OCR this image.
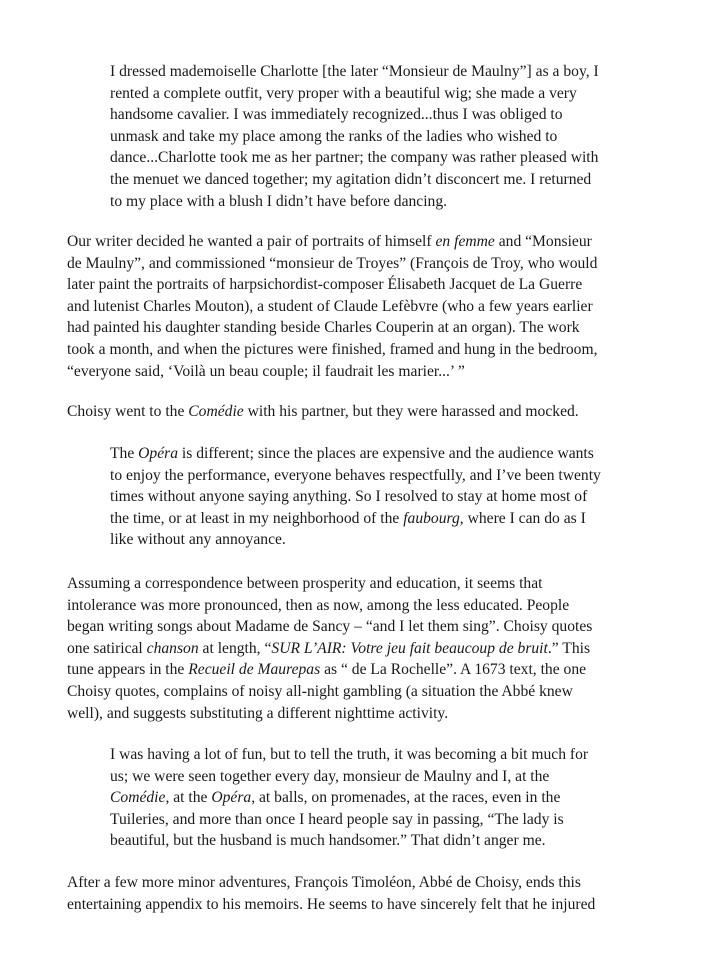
I dressed mademoiselle Charlotte [the later “Monsieur de Maulny”] as a boy, I
rented a complete outfit, very proper with a beautiful wig; she made a very
handsome cavalier. I was immediately recognized...thus I was obliged to
unmask and take my place among the ranks of the ladies who wished to
dance...Charlotte took me as her partner; the company was rather pleased with
the menuet we danced together; my agitation didn’t disconcert me. I returned
to my place with a blush I didn’t have before dancing.
Our writer decided he wanted a pair of portraits of himself en femme and “Monsieur
de Maulny”, and commissioned “monsieur de Troyes” (François de Troy, who would
later paint the portraits of harpsichordist-composer Élisabeth Jacquet de La Guerre
and lutenist Charles Mouton), a student of Claude Lefèbvre (who a few years earlier
had painted his daughter standing beside Charles Couperin at an organ). The work
took a month, and when the pictures were finished, framed and hung in the bedroom,
“everyone said, ‘Voilà un beau couple; il faudrait les marier...’ ”
Choisy went to the Comédie with his partner, but they were harassed and mocked.
The Opéra is different; since the places are expensive and the audience wants
to enjoy the performance, everyone behaves respectfully, and I’ve been twenty
times without anyone saying anything. So I resolved to stay at home most of
the time, or at least in my neighborhood of the faubourg, where I can do as I
like without any annoyance.
Assuming a correspondence between prosperity and education, it seems that
intolerance was more pronounced, then as now, among the less educated. People
began writing songs about Madame de Sancy – “and I let them sing”. Choisy quotes
one satirical chanson at length, “SUR L’AIR: Votre jeu fait beaucoup de bruit.” This
tune appears in the Recueil de Maurepas as “ de La Rochelle”. A 1673 text, the one
Choisy quotes, complains of noisy all-night gambling (a situation the Abbé knew
well), and suggests substituting a different nighttime activity.
I was having a lot of fun, but to tell the truth, it was becoming a bit much for
us; we were seen together every day, monsieur de Maulny and I, at the
Comédie, at the Opéra, at balls, on promenades, at the races, even in the
Tuileries, and more than once I heard people say in passing, “The lady is
beautiful, but the husband is much handsomer.” That didn’t anger me.
After a few more minor adventures, François Timoléon, Abbé de Choisy, ends this
entertaining appendix to his memoirs. He seems to have sincerely felt that he injured
